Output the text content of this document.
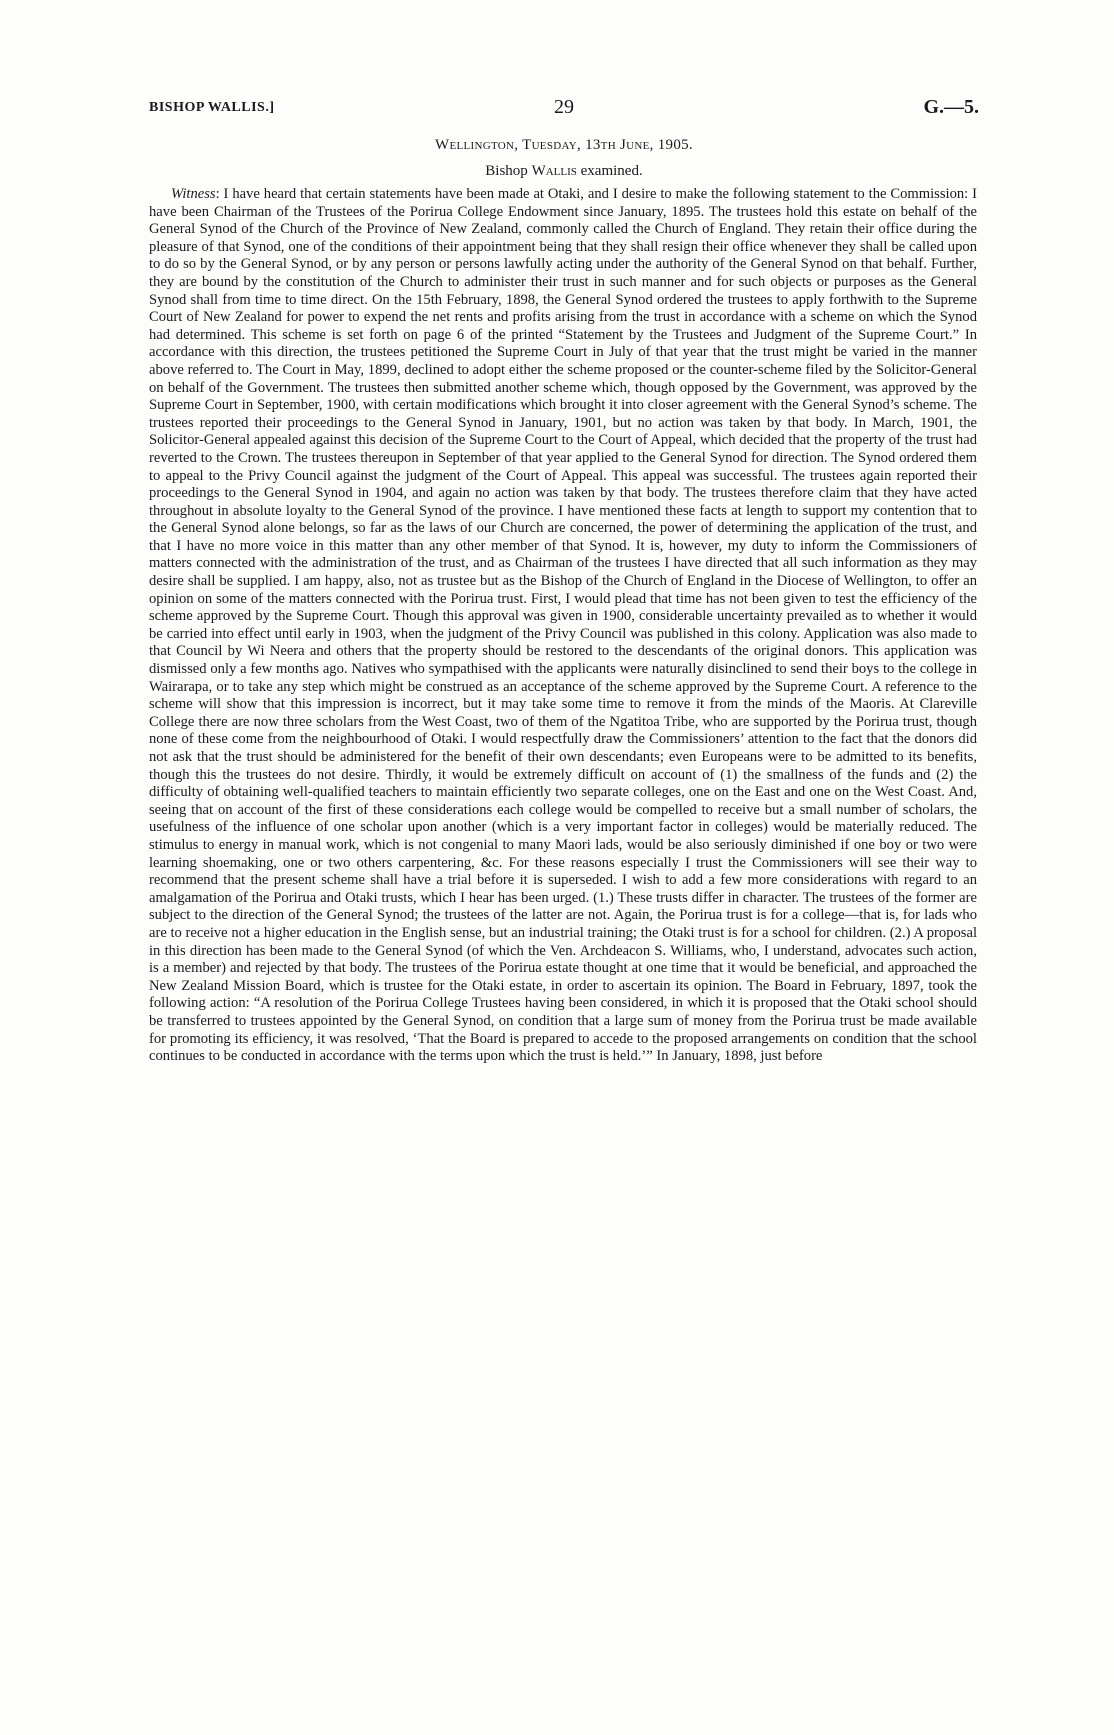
BISHOP WALLIS.]	29	G.—5.
Wellington, Tuesday, 13th June, 1905.
Bishop Wallis examined.

Witness: I have heard that certain statements have been made at Otaki, and I desire to make the following statement to the Commission: I have been Chairman of the Trustees of the Porirua College Endowment since January, 1895. The trustees hold this estate on behalf of the General Synod of the Church of the Province of New Zealand, commonly called the Church of England. They retain their office during the pleasure of that Synod, one of the conditions of their appointment being that they shall resign their office whenever they shall be called upon to do so by the General Synod, or by any person or persons lawfully acting under the authority of the General Synod on that behalf. Further, they are bound by the constitution of the Church to administer their trust in such manner and for such objects or purposes as the General Synod shall from time to time direct. On the 15th February, 1898, the General Synod ordered the trustees to apply forthwith to the Supreme Court of New Zealand for power to expend the net rents and profits arising from the trust in accordance with a scheme on which the Synod had determined. This scheme is set forth on page 6 of the printed “Statement by the Trustees and Judgment of the Supreme Court.” In accordance with this direction, the trustees petitioned the Supreme Court in July of that year that the trust might be varied in the manner above referred to. The Court in May, 1899, declined to adopt either the scheme proposed or the counter-scheme filed by the Solicitor-General on behalf of the Government. The trustees then submitted another scheme which, though opposed by the Government, was approved by the Supreme Court in September, 1900, with certain modifications which brought it into closer agreement with the General Synod’s scheme. The trustees reported their proceedings to the General Synod in January, 1901, but no action was taken by that body. In March, 1901, the Solicitor-General appealed against this decision of the Supreme Court to the Court of Appeal, which decided that the property of the trust had reverted to the Crown. The trustees thereupon in September of that year applied to the General Synod for direction. The Synod ordered them to appeal to the Privy Council against the judgment of the Court of Appeal. This appeal was successful. The trustees again reported their proceedings to the General Synod in 1904, and again no action was taken by that body. The trustees therefore claim that they have acted throughout in absolute loyalty to the General Synod of the province. I have mentioned these facts at length to support my contention that to the General Synod alone belongs, so far as the laws of our Church are concerned, the power of determining the application of the trust, and that I have no more voice in this matter than any other member of that Synod. It is, however, my duty to inform the Commissioners of matters connected with the administration of the trust, and as Chairman of the trustees I have directed that all such information as they may desire shall be supplied. I am happy, also, not as trustee but as the Bishop of the Church of England in the Diocese of Wellington, to offer an opinion on some of the matters connected with the Porirua trust. First, I would plead that time has not been given to test the efficiency of the scheme approved by the Supreme Court. Though this approval was given in 1900, considerable uncertainty prevailed as to whether it would be carried into effect until early in 1903, when the judgment of the Privy Council was published in this colony. Application was also made to that Council by Wi Neera and others that the property should be restored to the descendants of the original donors. This application was dismissed only a few months ago. Natives who sympathised with the applicants were naturally disinclined to send their boys to the college in Wairarapa, or to take any step which might be construed as an acceptance of the scheme approved by the Supreme Court. A reference to the scheme will show that this impression is incorrect, but it may take some time to remove it from the minds of the Maoris. At Clareville College there are now three scholars from the West Coast, two of them of the Ngatitoa Tribe, who are supported by the Porirua trust, though none of these come from the neighbourhood of Otaki. I would respectfully draw the Commissioners’ attention to the fact that the donors did not ask that the trust should be administered for the benefit of their own descendants; even Europeans were to be admitted to its benefits, though this the trustees do not desire. Thirdly, it would be extremely difficult on account of (1) the smallness of the funds and (2) the difficulty of obtaining well-qualified teachers to maintain efficiently two separate colleges, one on the East and one on the West Coast. And, seeing that on account of the first of these considerations each college would be compelled to receive but a small number of scholars, the usefulness of the influence of one scholar upon another (which is a very important factor in colleges) would be materially reduced. The stimulus to energy in manual work, which is not congenial to many Maori lads, would be also seriously diminished if one boy or two were learning shoemaking, one or two others carpentering, &c. For these reasons especially I trust the Commissioners will see their way to recommend that the present scheme shall have a trial before it is superseded. I wish to add a few more considerations with regard to an amalgamation of the Porirua and Otaki trusts, which I hear has been urged. (1.) These trusts differ in character. The trustees of the former are subject to the direction of the General Synod; the trustees of the latter are not. Again, the Porirua trust is for a college—that is, for lads who are to receive not a higher education in the English sense, but an industrial training; the Otaki trust is for a school for children. (2.) A proposal in this direction has been made to the General Synod (of which the Ven. Archdeacon S. Williams, who, I understand, advocates such action, is a member) and rejected by that body. The trustees of the Porirua estate thought at one time that it would be beneficial, and approached the New Zealand Mission Board, which is trustee for the Otaki estate, in order to ascertain its opinion. The Board in February, 1897, took the following action: “A resolution of the Porirua College Trustees having been considered, in which it is proposed that the Otaki school should be transferred to trustees appointed by the General Synod, on condition that a large sum of money from the Porirua trust be made available for promoting its efficiency, it was resolved, ‘That the Board is prepared to accede to the proposed arrangements on condition that the school continues to be conducted in accordance with the terms upon which the trust is held.’” In January, 1898, just before
